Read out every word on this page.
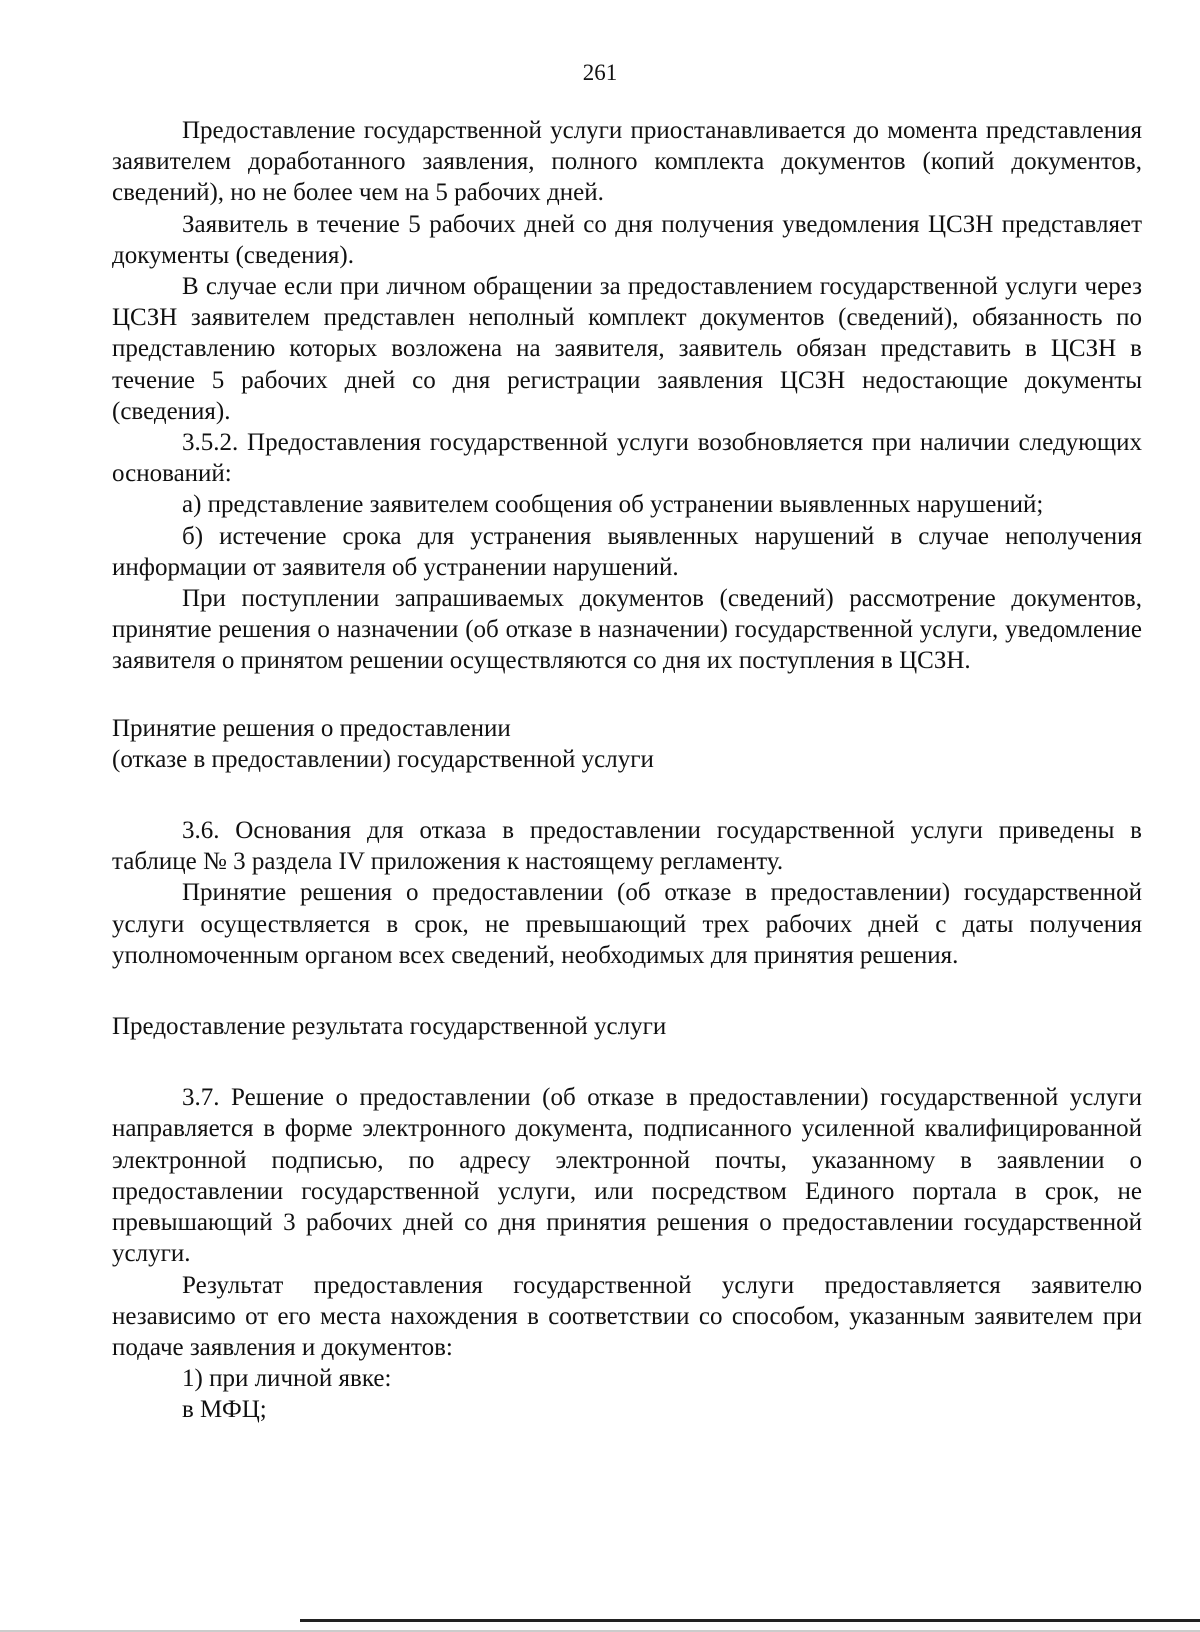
261

Предоставление государственной услуги приостанавливается до момента представления заявителем доработанного заявления, полного комплекта документов (копий документов, сведений), но не более чем на 5 рабочих дней.

Заявитель в течение 5 рабочих дней со дня получения уведомления ЦСЗН представляет документы (сведения).

В случае если при личном обращении за предоставлением государственной услуги через ЦСЗН заявителем представлен неполный комплект документов (сведений), обязанность по представлению которых возложена на заявителя, заявитель обязан представить в ЦСЗН в течение 5 рабочих дней со дня регистрации заявления ЦСЗН недостающие документы (сведения).

3.5.2. Предоставления государственной услуги возобновляется при наличии следующих оснований:

а) представление заявителем сообщения об устранении выявленных нарушений;

б) истечение срока для устранения выявленных нарушений в случае неполучения информации от заявителя об устранении нарушений.

При поступлении запрашиваемых документов (сведений) рассмотрение документов, принятие решения о назначении (об отказе в назначении) государственной услуги, уведомление заявителя о принятом решении осуществляются со дня их поступления в ЦСЗН.

Принятие решения о предоставлении

(отказе в предоставлении) государственной услуги

3.6. Основания для отказа в предоставлении государственной услуги приведены в таблице № 3 раздела IV приложения к настоящему регламенту.

Принятие решения о предоставлении (об отказе в предоставлении) государственной услуги осуществляется в срок, не превышающий трех рабочих дней с даты получения уполномоченным органом всех сведений, необходимых для принятия решения.

Предоставление результата государственной услуги

3.7. Решение о предоставлении (об отказе в предоставлении) государственной услуги направляется в форме электронного документа, подписанного усиленной квалифицированной электронной подписью, по адресу электронной почты, указанному в заявлении о предоставлении государственной услуги, или посредством Единого портала в срок, не превышающий 3 рабочих дней со дня принятия решения о предоставлении государственной услуги.

Результат предоставления государственной услуги предоставляется заявителю независимо от его места нахождения в соответствии со способом, указанным заявителем при подаче заявления и документов:

1) при личной явке:

в МФЦ;
